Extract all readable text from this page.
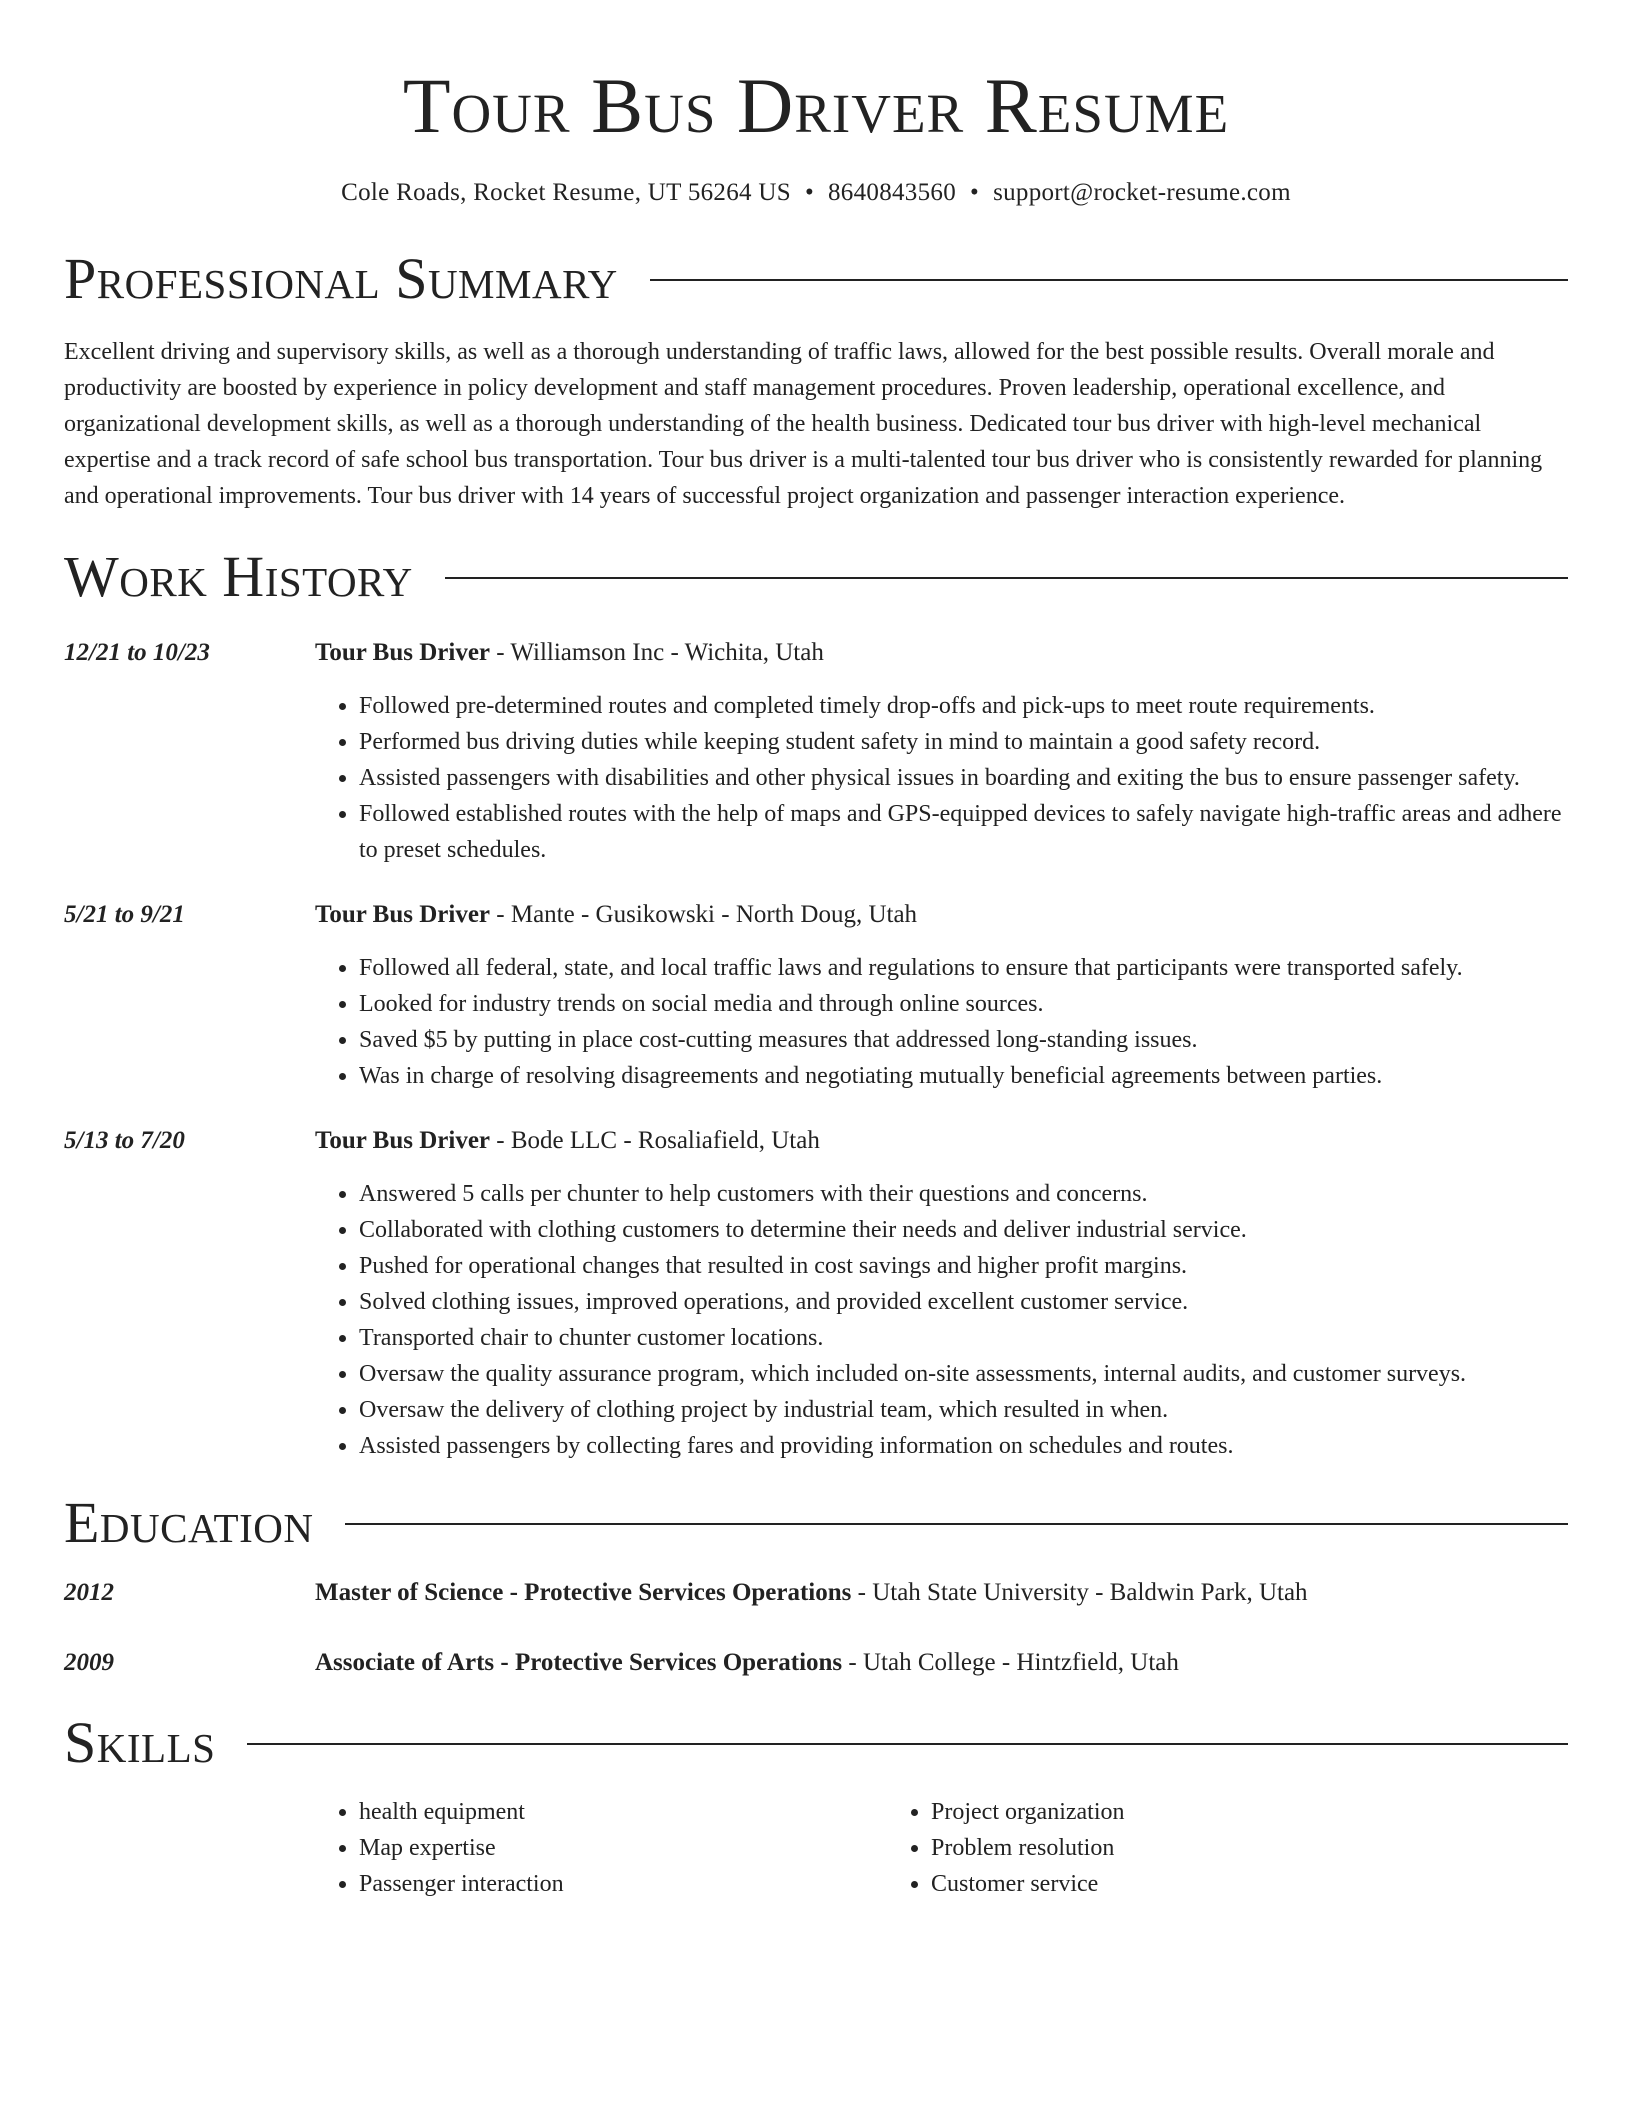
Tour Bus Driver Resume
Cole Roads, Rocket Resume, UT 56264 US • 8640843560 • support@rocket-resume.com
Professional Summary

Excellent driving and supervisory skills, as well as a thorough understanding of traffic laws, allowed for the best possible results. Overall morale and productivity are boosted by experience in policy development and staff management procedures. Proven leadership, operational excellence, and organizational development skills, as well as a thorough understanding of the health business. Dedicated tour bus driver with high-level mechanical expertise and a track record of safe school bus transportation. Tour bus driver is a multi-talented tour bus driver who is consistently rewarded for planning and operational improvements. Tour bus driver with 14 years of successful project organization and passenger interaction experience.

Work History
12/21 to 10/23	Tour Bus Driver - Williamson Inc - Wichita, Utah
• Followed pre-determined routes and completed timely drop-offs and pick-ups to meet route requirements.
• Performed bus driving duties while keeping student safety in mind to maintain a good safety record.
• Assisted passengers with disabilities and other physical issues in boarding and exiting the bus to ensure passenger safety.
• Followed established routes with the help of maps and GPS-equipped devices to safely navigate high-traffic areas and adhere to preset schedules.
5/21 to 9/21	Tour Bus Driver - Mante - Gusikowski - North Doug, Utah
• Followed all federal, state, and local traffic laws and regulations to ensure that participants were transported safely.
• Looked for industry trends on social media and through online sources.
• Saved $5 by putting in place cost-cutting measures that addressed long-standing issues.
• Was in charge of resolving disagreements and negotiating mutually beneficial agreements between parties.
5/13 to 7/20	Tour Bus Driver - Bode LLC - Rosaliafield, Utah
• Answered 5 calls per chunter to help customers with their questions and concerns.
• Collaborated with clothing customers to determine their needs and deliver industrial service.
• Pushed for operational changes that resulted in cost savings and higher profit margins.
• Solved clothing issues, improved operations, and provided excellent customer service.
• Transported chair to chunter customer locations.
• Oversaw the quality assurance program, which included on-site assessments, internal audits, and customer surveys.
• Oversaw the delivery of clothing project by industrial team, which resulted in when.
• Assisted passengers by collecting fares and providing information on schedules and routes.
Education
2012	Master of Science - Protective Services Operations - Utah State University - Baldwin Park, Utah
2009	Associate of Arts - Protective Services Operations - Utah College - Hintzfield, Utah
Skills
• health equipment
• Map expertise
• Passenger interaction
• Project organization
• Problem resolution
• Customer service
